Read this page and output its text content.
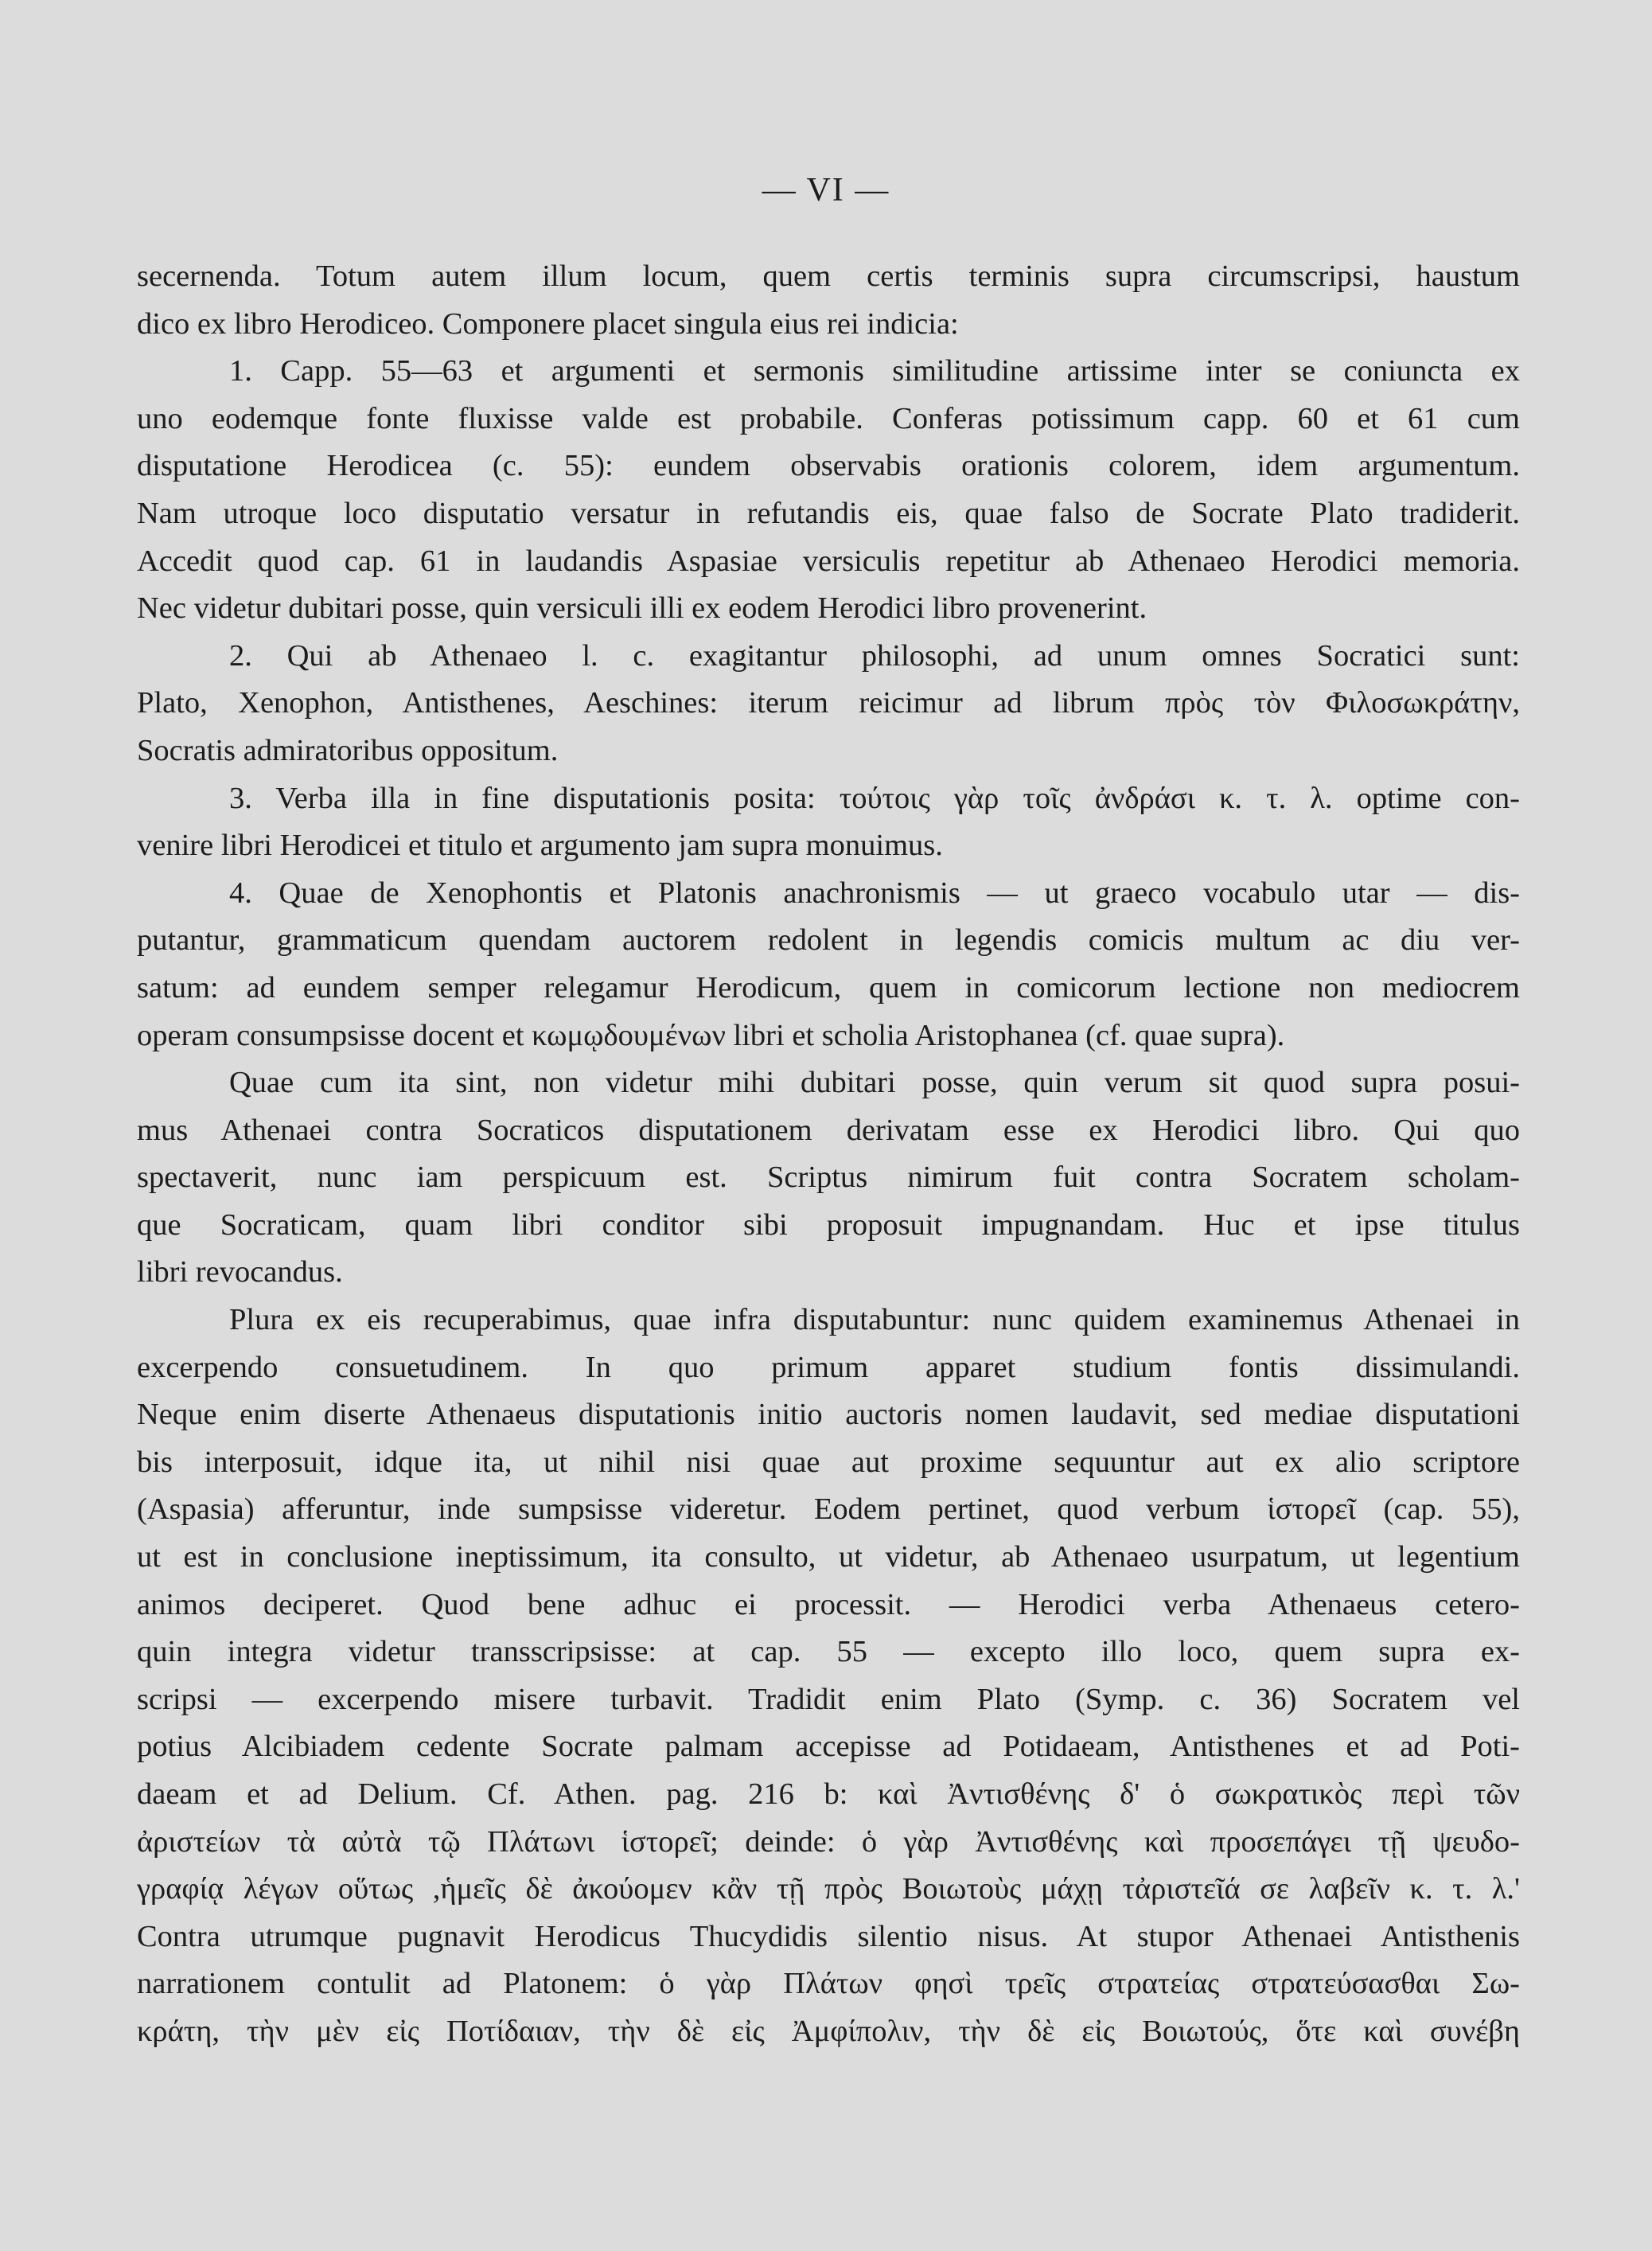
— VI —
secernenda. Totum autem illum locum, quem certis terminis supra circumscripsi, haustum
dico ex libro Herodiceo. Componere placet singula eius rei indicia:
1. Capp. 55—63 et argumenti et sermonis similitudine artissime inter se coniuncta ex
uno eodemque fonte fluxisse valde est probabile. Conferas potissimum capp. 60 et 61 cum
disputatione Herodicea (c. 55): eundem observabis orationis colorem, idem argumentum.
Nam utroque loco disputatio versatur in refutandis eis, quae falso de Socrate Plato tradiderit.
Accedit quod cap. 61 in laudandis Aspasiae versiculis repetitur ab Athenaeo Herodici memoria.
Nec videtur dubitari posse, quin versiculi illi ex eodem Herodici libro provenerint.
2. Qui ab Athenaeo l. c. exagitantur philosophi, ad unum omnes Socratici sunt:
Plato, Xenophon, Antisthenes, Aeschines: iterum reicimur ad librum πρὸς τὸν Φιλοσωκράτην,
Socratis admiratoribus oppositum.
3. Verba illa in fine disputationis posita: τούτοις γὰρ τοῖς ἀνδράσι κ. τ. λ. optime con-
venire libri Herodicei et titulo et argumento jam supra monuimus.
4. Quae de Xenophontis et Platonis anachronismis — ut graeco vocabulo utar — dis-
putantur, grammaticum quendam auctorem redolent in legendis comicis multum ac diu ver-
satum: ad eundem semper relegamur Herodicum, quem in comicorum lectione non mediocrem
operam consumpsisse docent et κωμῳδουμένων libri et scholia Aristophanea (cf. quae supra).
Quae cum ita sint, non videtur mihi dubitari posse, quin verum sit quod supra posui-
mus Athenaei contra Socraticos disputationem derivatam esse ex Herodici libro. Qui quo
spectaverit, nunc iam perspicuum est. Scriptus nimirum fuit contra Socratem scholam-
que Socraticam, quam libri conditor sibi proposuit impugnandam. Huc et ipse titulus
libri revocandus.
Plura ex eis recuperabimus, quae infra disputabuntur: nunc quidem examinemus Athenaei in
excerpendo consuetudinem. In quo primum apparet studium fontis dissimulandi.
Neque enim diserte Athenaeus disputationis initio auctoris nomen laudavit, sed mediae disputationi
bis interposuit, idque ita, ut nihil nisi quae aut proxime sequuntur aut ex alio scriptore
(Aspasia) afferuntur, inde sumpsisse videretur. Eodem pertinet, quod verbum ἱστορεῖ (cap. 55),
ut est in conclusione ineptissimum, ita consulto, ut videtur, ab Athenaeo usurpatum, ut legentium
animos deciperet. Quod bene adhuc ei processit. — Herodici verba Athenaeus cetero-
quin integra videtur transscripsisse: at cap. 55 — excepto illo loco, quem supra ex-
scripsi — excerpendo misere turbavit. Tradidit enim Plato (Symp. c. 36) Socratem vel
potius Alcibiadem cedente Socrate palmam accepisse ad Potidaeam, Antisthenes et ad Poti-
daeam et ad Delium. Cf. Athen. pag. 216 b: καὶ Ἀντισθένης δ' ὁ σωκρατικὸς περὶ τῶν
ἀριστείων τὰ αὐτὰ τῷ Πλάτωνι ἱστορεῖ; deinde: ὁ γὰρ Ἀντισθένης καὶ προσεπάγει τῇ ψευδο-
γραφίᾳ λέγων οὕτως ,ἡμεῖς δὲ ἀκούομεν κἂν τῇ πρὸς Βοιωτοὺς μάχῃ τἀριστεῖά σε λαβεῖν κ. τ. λ.'
Contra utrumque pugnavit Herodicus Thucydidis silentio nisus. At stupor Athenaei Antisthenis
narrationem contulit ad Platonem: ὁ γὰρ Πλάτων φησὶ τρεῖς στρατείας στρατεύσασθαι Σω-
κράτη, τὴν μὲν εἰς Ποτίδαιαν, τὴν δὲ εἰς Ἀμφίπολιν, τὴν δὲ εἰς Βοιωτούς, ὅτε καὶ συνέβη
